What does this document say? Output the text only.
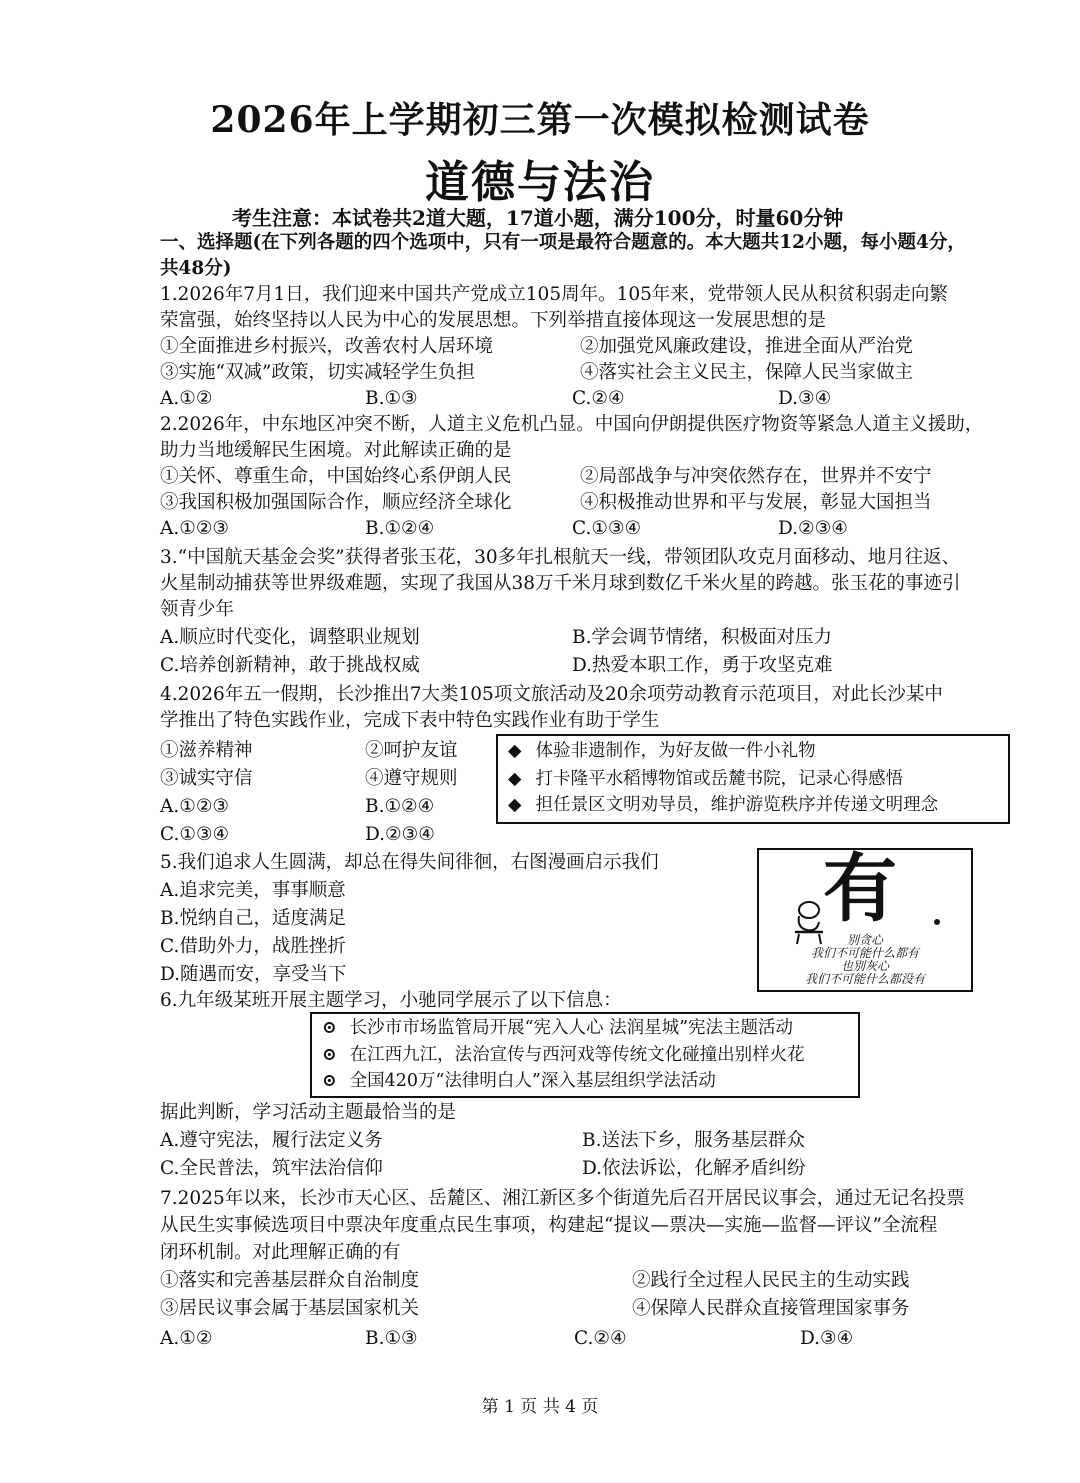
2026年上学期初三第一次模拟检测试卷
道德与法治
考生注意：本试卷共2道大题，17道小题，满分100分，时量60分钟
一、选择题(在下列各题的四个选项中，只有一项是最符合题意的。本大题共12小题，每小题4分，
共48分)
1.2026年7月1日，我们迎来中国共产党成立105周年。105年来，党带领人民从积贫积弱走向繁
荣富强，始终坚持以人民为中心的发展思想。下列举措直接体现这一发展思想的是
①全面推进乡村振兴，改善农村人居环境	②加强党风廉政建设，推进全面从严治党
③实施“双减”政策，切实减轻学生负担	④落实社会主义民主，保障人民当家做主
A.①②	B.①③	C.②④	D.③④
2.2026年，中东地区冲突不断，人道主义危机凸显。中国向伊朗提供医疗物资等紧急人道主义援助，
助力当地缓解民生困境。对此解读正确的是
①关怀、尊重生命，中国始终心系伊朗人民	②局部战争与冲突依然存在，世界并不安宁
③我国积极加强国际合作，顺应经济全球化	④积极推动世界和平与发展，彰显大国担当
A.①②③	B.①②④	C.①③④	D.②③④
3.“中国航天基金会奖”获得者张玉花，30多年扎根航天一线，带领团队攻克月面移动、地月往返、
火星制动捕获等世界级难题，实现了我国从38万千米月球到数亿千米火星的跨越。张玉花的事迹引
领青少年
A.顺应时代变化，调整职业规划	B.学会调节情绪，积极面对压力
C.培养创新精神，敢于挑战权威	D.热爱本职工作，勇于攻坚克难
4.2026年五一假期，长沙推出7大类105项文旅活动及20余项劳动教育示范项目，对此长沙某中
学推出了特色实践作业，完成下表中特色实践作业有助于学生
①滋养精神	②呵护友谊
③诚实守信	④遵守规则
A.①②③	B.①②④
C.①③④	D.②③④
◆ 体验非遗制作，为好友做一件小礼物
◆ 打卡隆平水稻博物馆或岳麓书院，记录心得感悟
◆ 担任景区文明劝导员，维护游览秩序并传递文明理念
5.我们追求人生圆满，却总在得失间徘徊，右图漫画启示我们
A.追求完美，事事顺意
B.悦纳自己，适度满足
C.借助外力，战胜挫折
D.随遇而安，享受当下
有
别贪心
我们不可能什么都有
也别灰心
我们不可能什么都没有
6.九年级某班开展主题学习，小驰同学展示了以下信息：
⊙ 长沙市市场监管局开展“宪入人心 法润星城”宪法主题活动
⊙ 在江西九江，法治宣传与西河戏等传统文化碰撞出别样火花
⊙ 全国420万“法律明白人”深入基层组织学法活动
据此判断，学习活动主题最恰当的是
A.遵守宪法，履行法定义务	B.送法下乡，服务基层群众
C.全民普法，筑牢法治信仰	D.依法诉讼，化解矛盾纠纷
7.2025年以来，长沙市天心区、岳麓区、湘江新区多个街道先后召开居民议事会，通过无记名投票
从民生实事候选项目中票决年度重点民生事项，构建起“提议—票决—实施—监督—评议”全流程
闭环机制。对此理解正确的有
①落实和完善基层群众自治制度	②践行全过程人民民主的生动实践
③居民议事会属于基层国家机关	④保障人民群众直接管理国家事务
A.①②	B.①③	C.②④	D.③④
第 1 页 共 4 页
